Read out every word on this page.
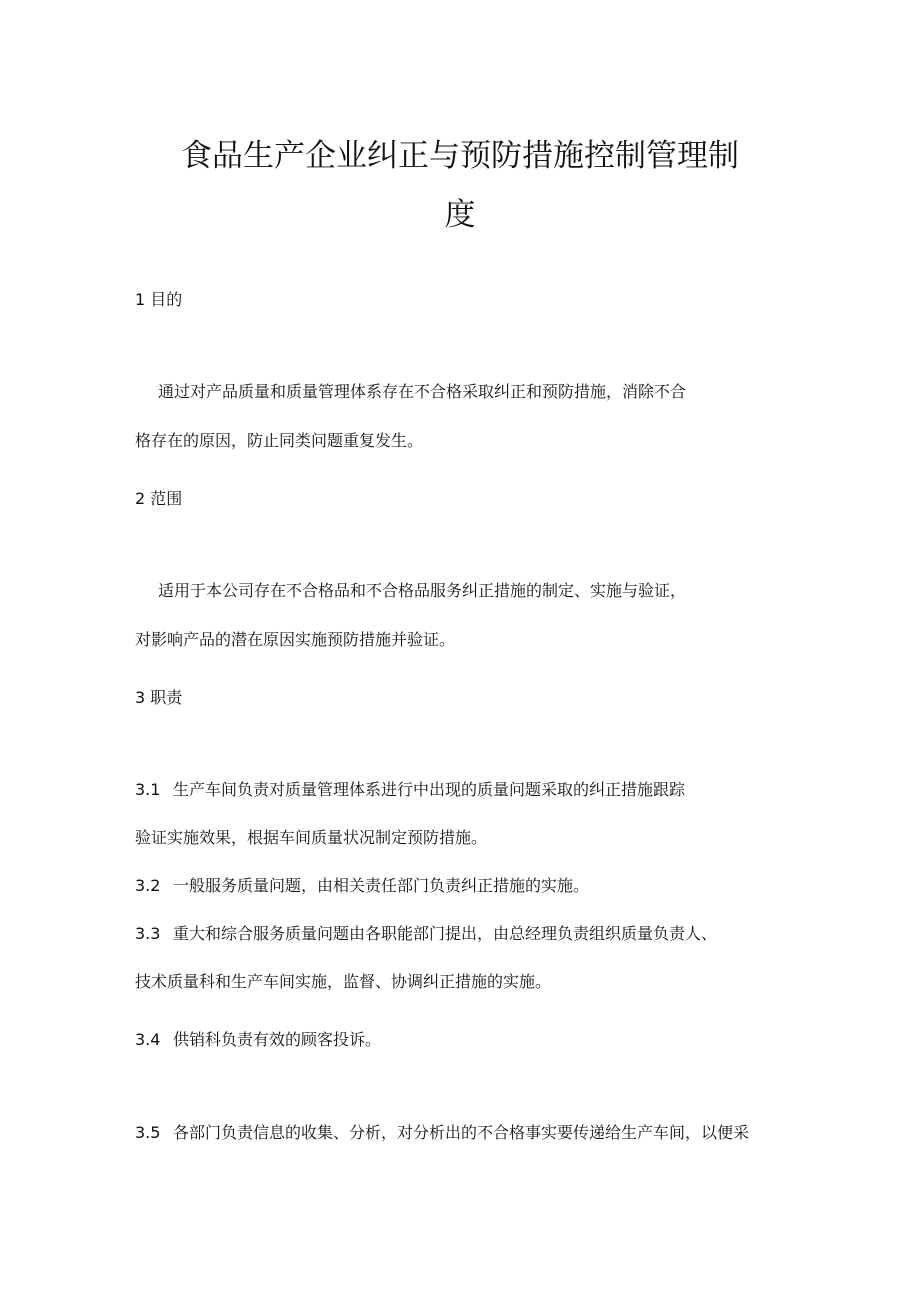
食品生产企业纠正与预防措施控制管理制
度

1 目的

通过对产品质量和质量管理体系存在不合格采取纠正和预防措施，消除不合

格存在的原因，防止同类问题重复发生。

2 范围

适用于本公司存在不合格品和不合格品服务纠正措施的制定、实施与验证，

对影响产品的潜在原因实施预防措施并验证。

3 职责

3.1 生产车间负责对质量管理体系进行中出现的质量问题采取的纠正措施跟踪

验证实施效果，根据车间质量状况制定预防措施。

3.2 一般服务质量问题，由相关责任部门负责纠正措施的实施。

3.3 重大和综合服务质量问题由各职能部门提出，由总经理负责组织质量负责人、

技术质量科和生产车间实施，监督、协调纠正措施的实施。

3.4 供销科负责有效的顾客投诉。

3.5 各部门负责信息的收集、分析，对分析出的不合格事实要传递给生产车间，以便采
